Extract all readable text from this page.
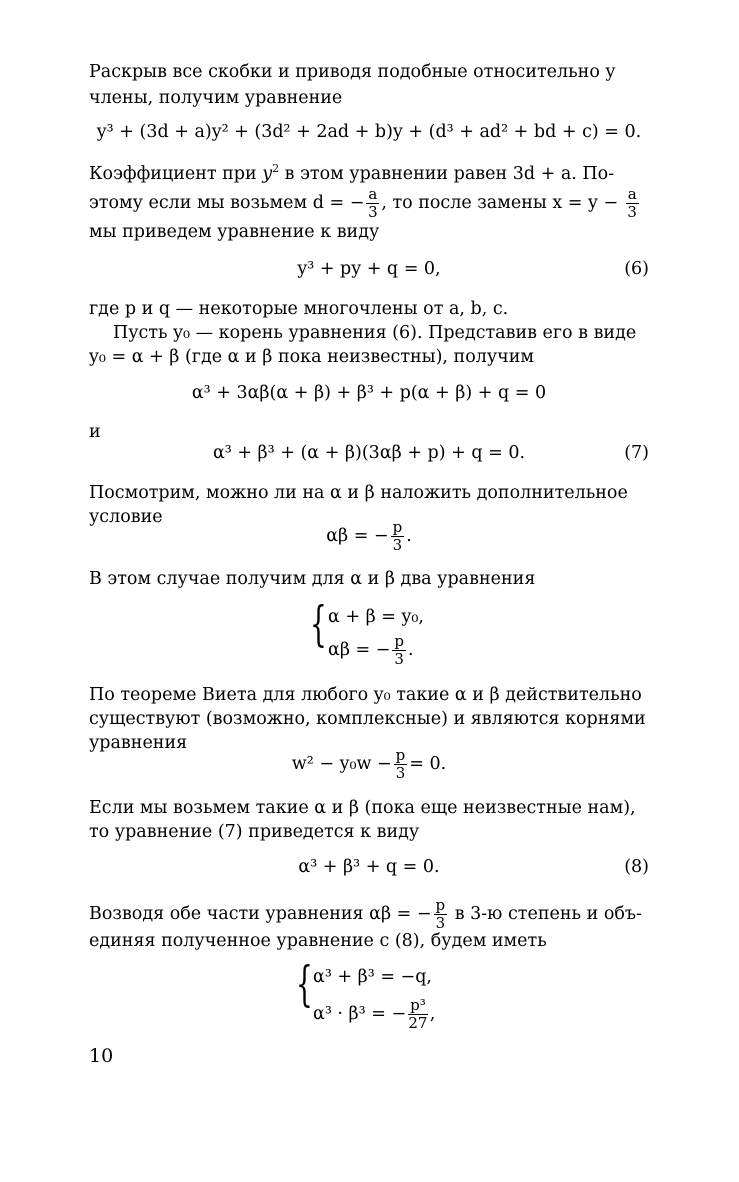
Раскрыв все скобки и приводя подобные относительно y
члены, получим уравнение
y³ + (3d + a)y² + (3d² + 2ad + b)y + (d³ + ad² + bd + c) = 0.
Коэффициент при $y^2$ в этом уравнении равен 3d + a. По-
этому если мы возьмем d = − $\frac{a}{3}$ , то после замены $x = y - \frac{a}{3}$
мы приведем уравнение к виду
y³ + py + q = 0,	(6)
где p и q — некоторые многочлены от a, b, c.
Пусть y₀ — корень уравнения (6). Представив его в виде
y₀ = α + β (где α и β пока неизвестны), получим
α³ + 3αβ(α + β) + β³ + p(α + β) + q = 0
и
α³ + β³ + (α + β)(3αβ + p) + q = 0.	(7)
Посмотрим, можно ли на α и β наложить дополнительное
условие
αβ = − $\frac{p}{3}$ .
В этом случае получим для α и β два уравнения
{ α + β = y₀,
αβ = − $\frac{p}{3}$ .
По теореме Виета для любого y₀ такие α и β действительно
существуют (возможно, комплексные) и являются корнями
уравнения
$w^2 - y_0w - \frac{p}{3} = 0$.
Если мы возьмем такие α и β (пока еще неизвестные нам),
то уравнение (7) приведется к виду
α³ + β³ + q = 0.	(8)
Возводя обе части уравнения αβ = − $\frac{p}{3}$ в 3-ю степень и объ-
единяя полученное уравнение с (8), будем иметь
{ α³ + β³ = −q,
α³ · β³ = − $\frac{\text{p³}}{27}$ ,
10
